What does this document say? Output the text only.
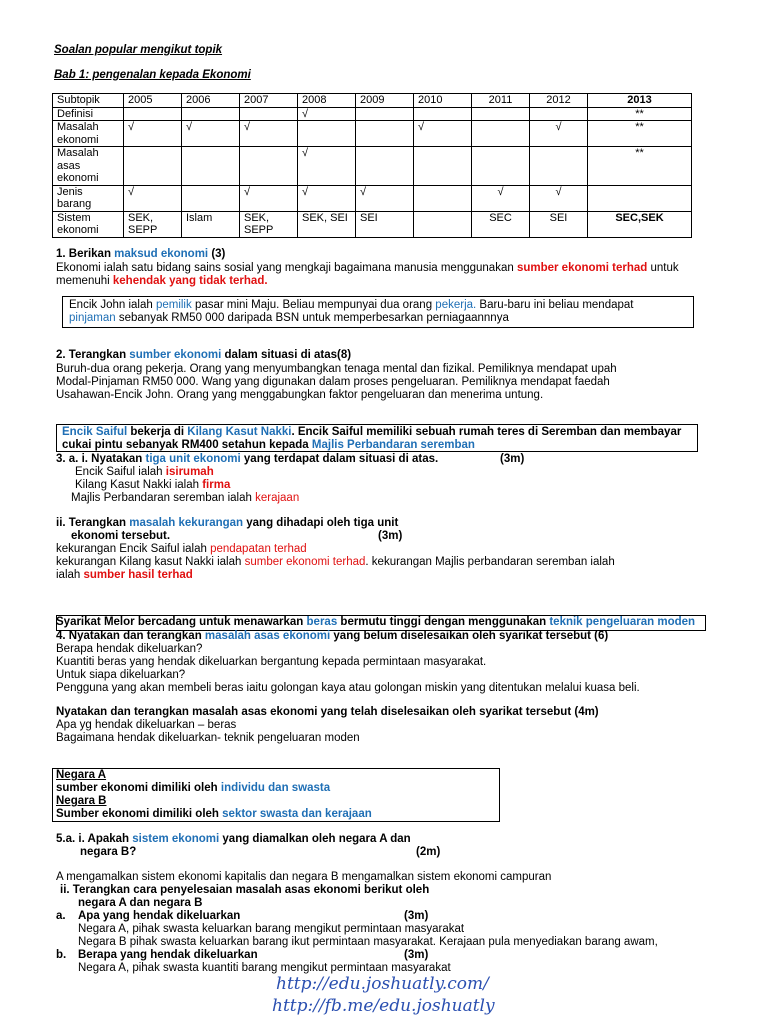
Soalan popular mengikut topik
Bab 1: pengenalan kepada Ekonomi
Subtopik	2005	2006	2007	2008	2009	2010	2011	2012	2013
Definisi				√					**
Masalah ekonomi	√	√	√			√		√	**
Masalah asas ekonomi				√					**
Jenis barang	√		√	√	√		√	√	
Sistem ekonomi	SEK, SEPP	Islam	SEK, SEPP	SEK, SEI	SEI		SEC	SEI	SEC,SEK
1. Berikan maksud ekonomi (3)
Ekonomi ialah satu bidang sains sosial yang mengkaji bagaimana manusia menggunakan sumber ekonomi terhad untuk
memenuhi kehendak yang tidak terhad.
Encik John ialah pemilik pasar mini Maju. Beliau mempunyai dua orang pekerja. Baru-baru ini beliau mendapat
pinjaman sebanyak RM50 000 daripada BSN untuk memperbesarkan perniagaannnya
2. Terangkan sumber ekonomi dalam situasi di atas(8)
Buruh-dua orang pekerja. Orang yang menyumbangkan tenaga mental dan fizikal. Pemiliknya mendapat upah
Modal-Pinjaman RM50 000. Wang yang digunakan dalam proses pengeluaran. Pemiliknya mendapat faedah
Usahawan-Encik John. Orang yang menggabungkan faktor pengeluaran dan menerima untung.
Encik Saiful bekerja di Kilang Kasut Nakki. Encik Saiful memiliki sebuah rumah teres di Seremban dan membayar
cukai pintu sebanyak RM400 setahun kepada Majlis Perbandaran seremban
3. a. i. Nyatakan tiga unit ekonomi yang terdapat dalam situasi di atas.	(3m)
Encik Saiful ialah isirumah
Kilang Kasut Nakki ialah firma
Majlis Perbandaran seremban ialah kerajaan
ii. Terangkan masalah kekurangan yang dihadapi oleh tiga unit
ekonomi tersebut.	(3m)
kekurangan Encik Saiful ialah pendapatan terhad
kekurangan Kilang kasut Nakki ialah sumber ekonomi terhad. kekurangan Majlis perbandaran seremban ialah
ialah sumber hasil terhad
Syarikat Melor bercadang untuk menawarkan beras bermutu tinggi dengan menggunakan teknik pengeluaran moden
4. Nyatakan dan terangkan masalah asas ekonomi yang belum diselesaikan oleh syarikat tersebut (6)
Berapa hendak dikeluarkan?
Kuantiti beras yang hendak dikeluarkan bergantung kepada permintaan masyarakat.
Untuk siapa dikeluarkan?
Pengguna yang akan membeli beras iaitu golongan kaya atau golongan miskin yang ditentukan melalui kuasa beli.
Nyatakan dan terangkan masalah asas ekonomi yang telah diselesaikan oleh syarikat tersebut (4m)
Apa yg hendak dikeluarkan – beras
Bagaimana hendak dikeluarkan- teknik pengeluaran moden
Negara A
sumber ekonomi dimiliki oleh individu dan swasta
Negara B
Sumber ekonomi dimiliki oleh sektor swasta dan kerajaan
5.a. i. Apakah sistem ekonomi yang diamalkan oleh negara A dan
negara B?	(2m)
A mengamalkan sistem ekonomi kapitalis dan negara B mengamalkan sistem ekonomi campuran
ii. Terangkan cara penyelesaian masalah asas ekonomi berikut oleh
negara A dan negara B
a. Apa yang hendak dikeluarkan	(3m)
Negara A, pihak swasta keluarkan barang mengikut permintaan masyarakat
Negara B pihak swasta keluarkan barang ikut permintaan masyarakat. Kerajaan pula menyediakan barang awam,
b. Berapa yang hendak dikeluarkan	(3m)
Negara A, pihak swasta kuantiti barang mengikut permintaan masyarakat
http://edu.joshuatly.com/
http://fb.me/edu.joshuatly
